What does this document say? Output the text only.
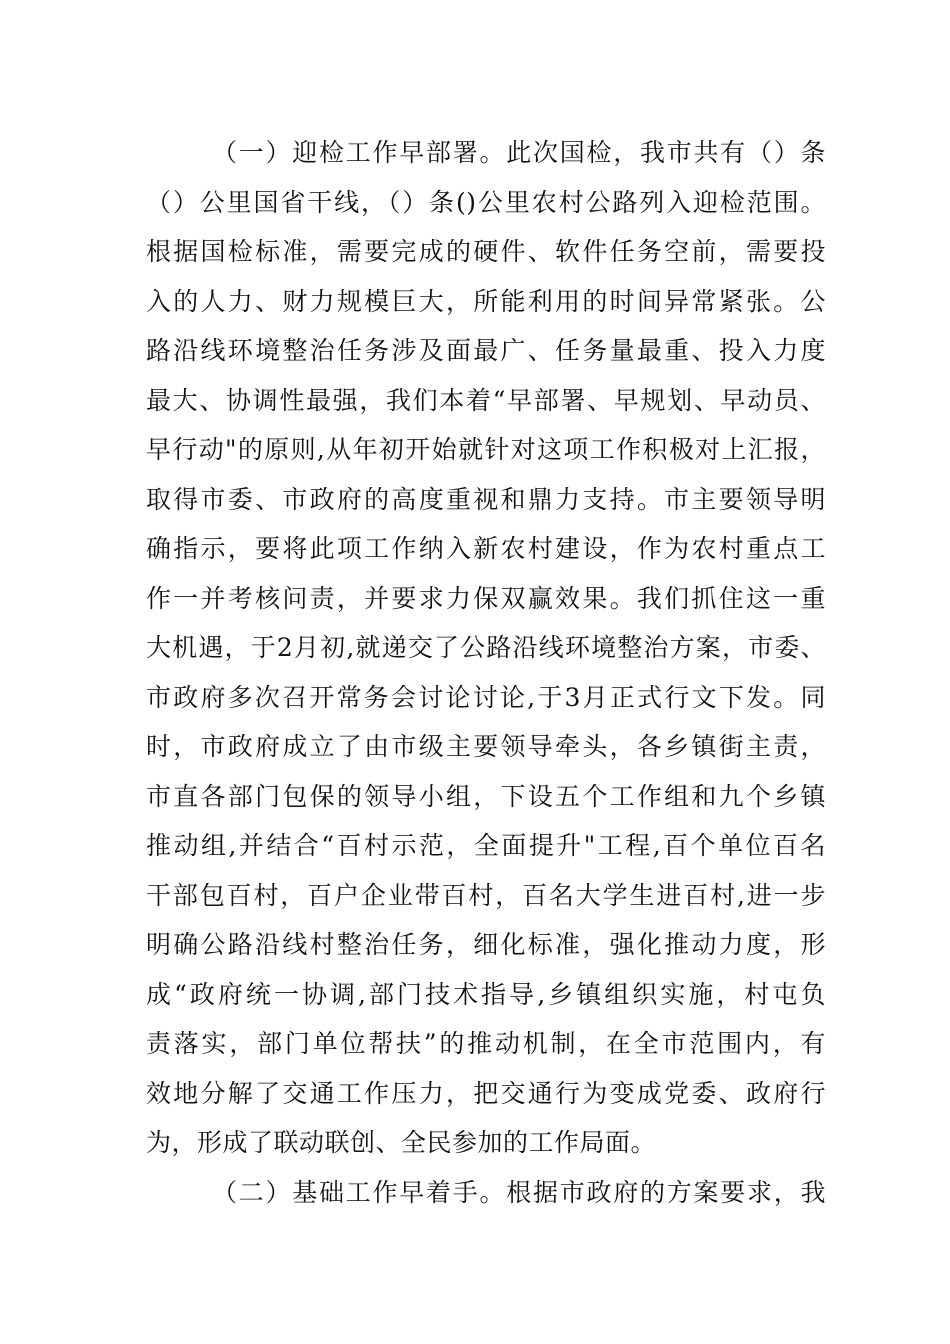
（一）迎检工作早部署。此次国检，我市共有（）条
（）公里国省干线，（）条()公里农村公路列入迎检范围。
根据国检标准，需要完成的硬件、软件任务空前，需要投
入的人力、财力规模巨大，所能利用的时间异常紧张。公
路沿线环境整治任务涉及面最广、任务量最重、投入力度
最大、协调性最强，我们本着“早部署、早规划、早动员、
早行动"的原则,从年初开始就针对这项工作积极对上汇报，
取得市委、市政府的高度重视和鼎力支持。市主要领导明
确指示，要将此项工作纳入新农村建设，作为农村重点工
作一并考核问责，并要求力保双赢效果。我们抓住这一重
大机遇，于2月初,就递交了公路沿线环境整治方案，市委、
市政府多次召开常务会讨论讨论,于3月正式行文下发。同
时，市政府成立了由市级主要领导牵头，各乡镇街主责，
市直各部门包保的领导小组，下设五个工作组和九个乡镇
推动组,并结合“百村示范，全面提升"工程,百个单位百名
干部包百村，百户企业带百村，百名大学生进百村,进一步
明确公路沿线村整治任务，细化标准，强化推动力度，形
成“政府统一协调,部门技术指导,乡镇组织实施，村屯负
责落实，部门单位帮扶”的推动机制，在全市范围内，有
效地分解了交通工作压力，把交通行为变成党委、政府行
为，形成了联动联创、全民参加的工作局面。
（二）基础工作早着手。根据市政府的方案要求，我
